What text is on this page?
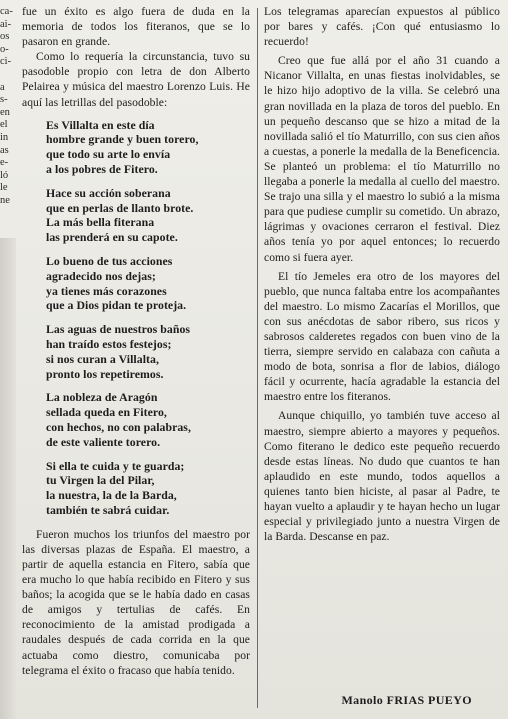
ca-
ai-
os
o-
ci-

a
s-
en
el
in
as
e-
ló
le
ne

fue un éxito es algo fuera de duda en la memoria de todos los fiteranos, que se lo pasaron en grande.

Como lo requería la circunstancia, tuvo su pasodoble propio con letra de don Alberto Pelairea y música del maestro Lorenzo Luis. He aquí las letrillas del pasodoble:

Es Villalta en este día
hombre grande y buen torero,
que todo su arte lo envía
a los pobres de Fitero.
Hace su acción soberana
que en perlas de llanto brote.
La más bella fiterana
las prenderá en su capote.
Lo bueno de tus acciones
agradecido nos dejas;
ya tienes más corazones
que a Dios pidan te proteja.
Las aguas de nuestros baños
han traído estos festejos;
si nos curan a Villalta,
pronto los repetiremos.
La nobleza de Aragón
sellada queda en Fitero,
con hechos, no con palabras,
de este valiente torero.
Si ella te cuida y te guarda;
tu Virgen la del Pilar,
la nuestra, la de la Barda,
también te sabrá cuidar.

Fueron muchos los triunfos del maestro por las diversas plazas de España. El maestro, a partir de aquella estancia en Fitero, sabía que era mucho lo que había recibido en Fitero y sus baños; la acogida que se le había dado en casas de amigos y tertulias de cafés. En reconocimiento de la amistad prodigada a raudales después de cada corrida en la que actuaba como diestro, comunicaba por telegrama el éxito o fracaso que había tenido.

Los telegramas aparecían expuestos al público por bares y cafés. ¡Con qué entusiasmo lo recuerdo!

Creo que fue allá por el año 31 cuando a Nicanor Villalta, en unas fiestas inolvidables, se le hizo hijo adoptivo de la villa. Se celebró una gran novillada en la plaza de toros del pueblo. En un pequeño descanso que se hizo a mitad de la novillada salió el tío Maturrillo, con sus cien años a cuestas, a ponerle la medalla de la Beneficencia. Se planteó un problema: el tío Maturrillo no llegaba a ponerle la medalla al cuello del maestro. Se trajo una silla y el maestro lo subió a la misma para que pudiese cumplir su cometido. Un abrazo, lágrimas y ovaciones cerraron el festival. Diez años tenía yo por aquel entonces; lo recuerdo como si fuera ayer.

El tío Jemeles era otro de los mayores del pueblo, que nunca faltaba entre los acompañantes del maestro. Lo mismo Zacarías el Morillos, que con sus anécdotas de sabor ribero, sus ricos y sabrosos calderetes regados con buen vino de la tierra, siempre servido en calabaza con cañuta a modo de bota, sonrisa a flor de labios, diálogo fácil y ocurrente, hacía agradable la estancia del maestro entre los fiteranos.

Aunque chiquillo, yo también tuve acceso al maestro, siempre abierto a mayores y pequeños. Como fiterano le dedico este pequeño recuerdo desde estas líneas. No dudo que cuantos te han aplaudido en este mundo, todos aquellos a quienes tanto bien hiciste, al pasar al Padre, te hayan vuelto a aplaudir y te hayan hecho un lugar especial y privilegiado junto a nuestra Virgen de la Barda. Descanse en paz.

Manolo FRIAS PUEYO
